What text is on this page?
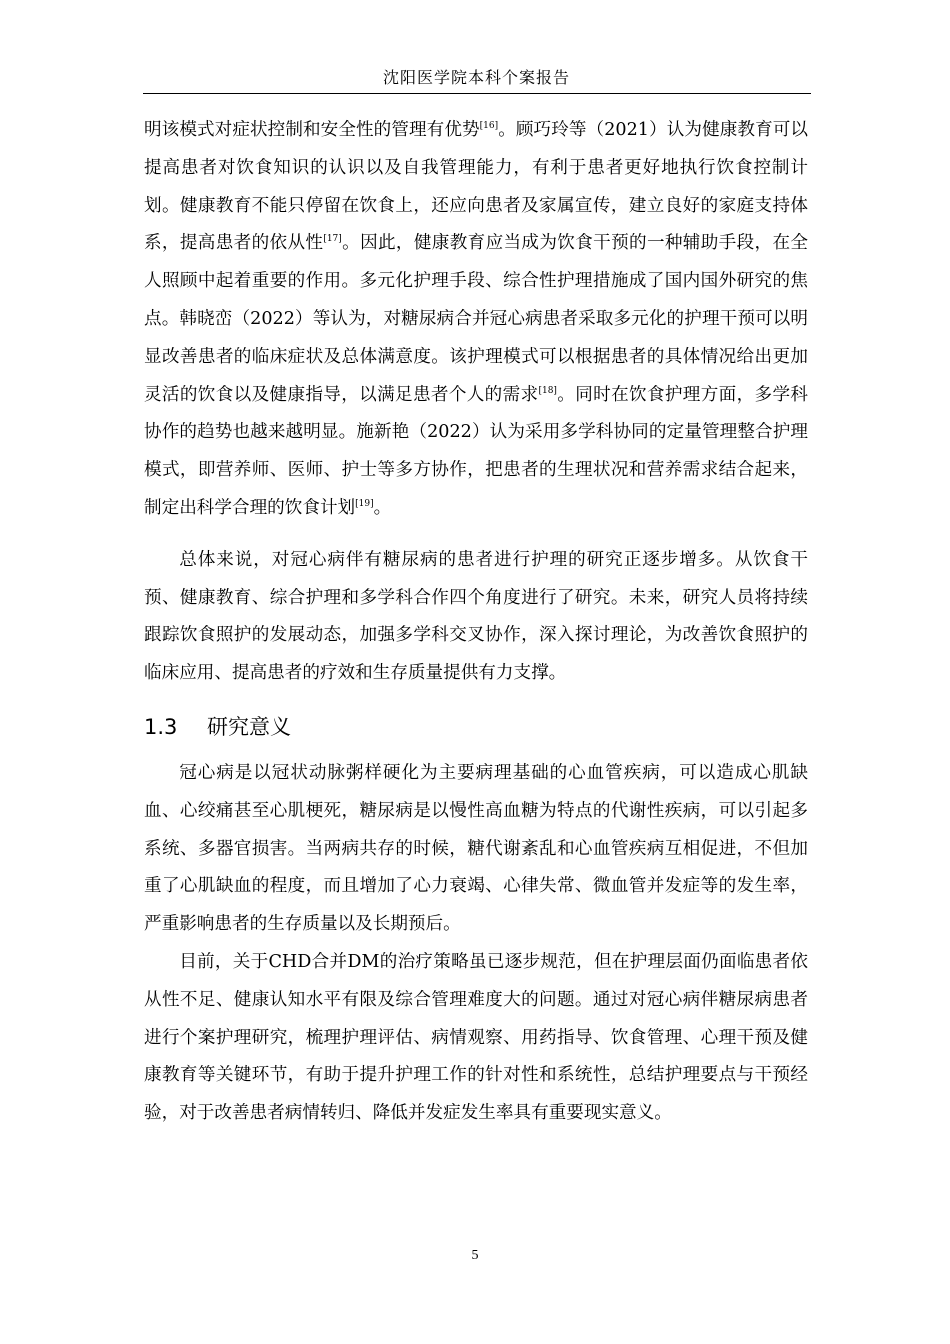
沈阳医学院本科个案报告

明该模式对症状控制和安全性的管理有优势[16]。顾巧玲等（2021）认为健康教育可以提高患者对饮食知识的认识以及自我管理能力，有利于患者更好地执行饮食控制计划。健康教育不能只停留在饮食上，还应向患者及家属宣传，建立良好的家庭支持体系，提高患者的依从性[17]。因此，健康教育应当成为饮食干预的一种辅助手段，在全人照顾中起着重要的作用。多元化护理手段、综合性护理措施成了国内国外研究的焦点。韩晓峦（2022）等认为，对糖尿病合并冠心病患者采取多元化的护理干预可以明显改善患者的临床症状及总体满意度。该护理模式可以根据患者的具体情况给出更加灵活的饮食以及健康指导，以满足患者个人的需求[18]。同时在饮食护理方面，多学科协作的趋势也越来越明显。施新艳（2022）认为采用多学科协同的定量管理整合护理模式，即营养师、医师、护士等多方协作，把患者的生理状况和营养需求结合起来，制定出科学合理的饮食计划[19]。

总体来说，对冠心病伴有糖尿病的患者进行护理的研究正逐步增多。从饮食干预、健康教育、综合护理和多学科合作四个角度进行了研究。未来，研究人员将持续跟踪饮食照护的发展动态，加强多学科交叉协作，深入探讨理论，为改善饮食照护的临床应用、提高患者的疗效和生存质量提供有力支撑。

1.3 研究意义

冠心病是以冠状动脉粥样硬化为主要病理基础的心血管疾病，可以造成心肌缺血、心绞痛甚至心肌梗死，糖尿病是以慢性高血糖为特点的代谢性疾病，可以引起多系统、多器官损害。当两病共存的时候，糖代谢紊乱和心血管疾病互相促进，不但加重了心肌缺血的程度，而且增加了心力衰竭、心律失常、微血管并发症等的发生率，严重影响患者的生存质量以及长期预后。

目前，关于CHD合并DM的治疗策略虽已逐步规范，但在护理层面仍面临患者依从性不足、健康认知水平有限及综合管理难度大的问题。通过对冠心病伴糖尿病患者进行个案护理研究，梳理护理评估、病情观察、用药指导、饮食管理、心理干预及健康教育等关键环节，有助于提升护理工作的针对性和系统性，总结护理要点与干预经验，对于改善患者病情转归、降低并发症发生率具有重要现实意义。

5
